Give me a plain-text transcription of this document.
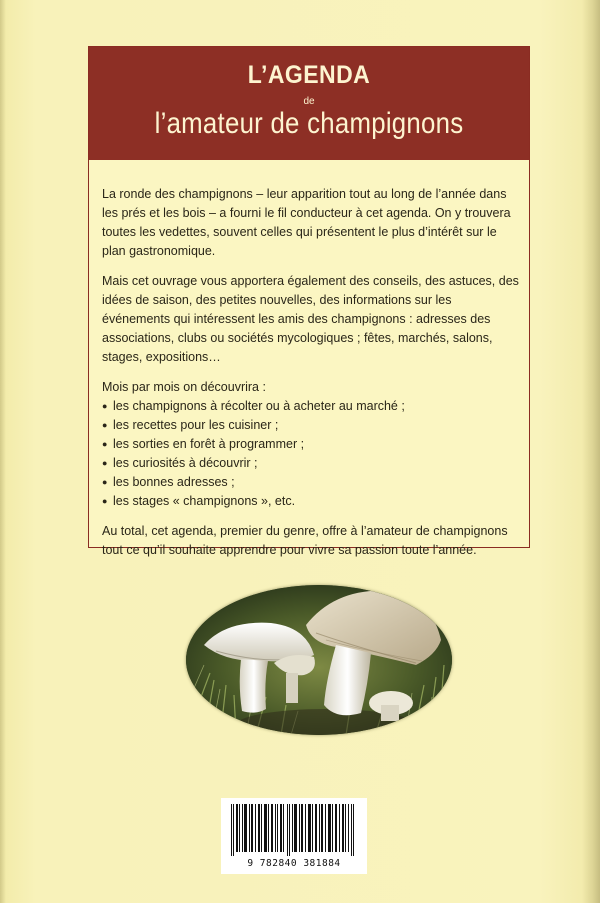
L’AGENDA
de
l’amateur de champignons

La ronde des champignons – leur apparition tout au long de l’année dans les prés et les bois – a fourni le fil conducteur à cet agenda. On y trouvera toutes les vedettes, souvent celles qui présentent le plus d’intérêt sur le plan gastronomique.

Mais cet ouvrage vous apportera également des conseils, des astuces, des idées de saison, des petites nouvelles, des informations sur les événements qui intéressent les amis des champignons : adresses des associations, clubs ou sociétés mycologiques ; fêtes, marchés, salons, stages, expositions…

Mois par mois on découvrira :

● les champignons à récolter ou à acheter au marché ;
● les recettes pour les cuisiner ;
● les sorties en forêt à programmer ;
● les curiosités à découvrir ;
● les bonnes adresses ;
● les stages « champignons », etc.

Au total, cet agenda, premier du genre, offre à l’amateur de champignons tout ce qu’il souhaite apprendre pour vivre sa passion toute l’année.

9 782840 381884
